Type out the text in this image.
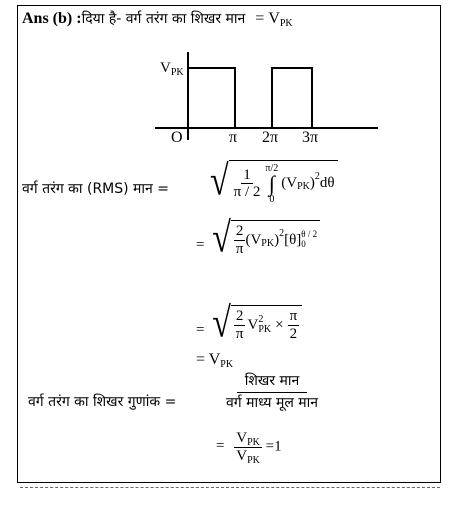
Ans (b) :दिया है- वर्ग तरंग का शिखर मान = VPK
$V_{PK}$
O	π 2π 3π
वर्ग तरंग का (RMS) मान = √ $\frac{1}{\pi / 2} \pi/2$
∫
0
(V PK ) 2 dθ
= √ $\frac{2}{\pi} (V$ PK ) 2 [θ] θ / 2
0
= √ $\frac{2}{\pi}$ V 2
PK × $\frac{\pi}{2}$
= VPK
वर्ग तरंग का शिखर गुणांक =	$\frac{\text{शिखर मान}}{\text{वर्ग माध्य मूल मान}}$
= $\frac{V_{PK}}{V_{PK}} =1$
